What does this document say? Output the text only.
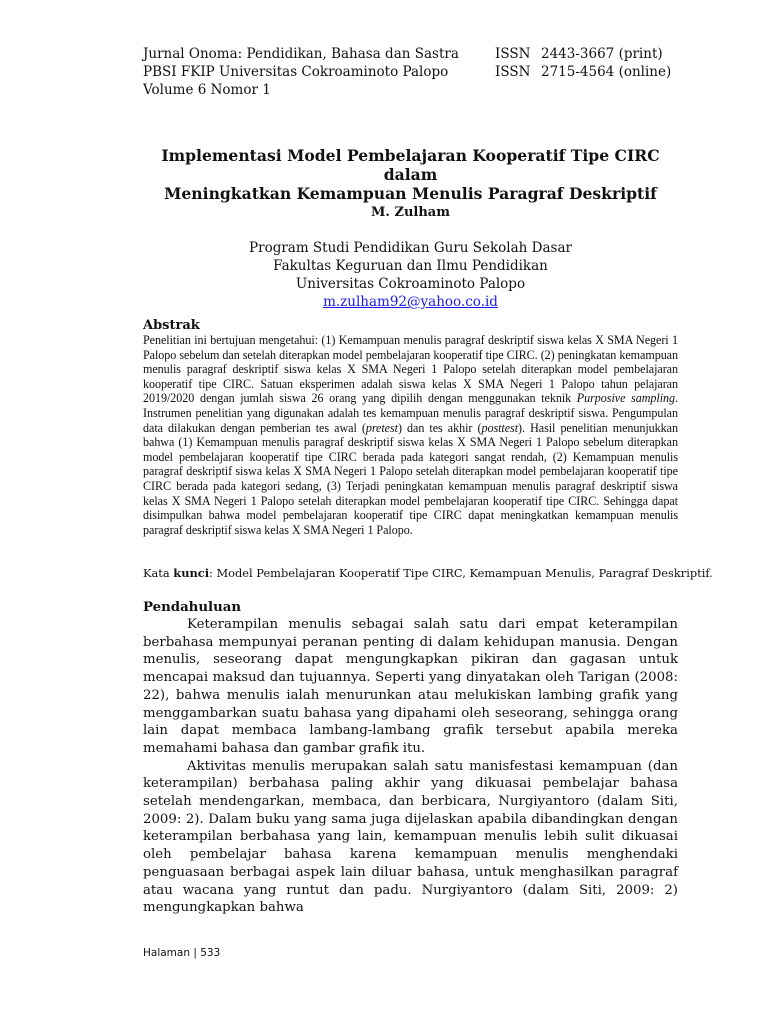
Jurnal Onoma: Pendidikan, Bahasa dan Sastra	ISSN 2443-3667 (print)
PBSI FKIP Universitas Cokroaminoto Palopo	ISSN 2715-4564 (online)
Volume 6 Nomor 1
Implementasi Model Pembelajaran Kooperatif Tipe CIRC dalam
Meningkatkan Kemampuan Menulis Paragraf Deskriptif
M. Zulham
Program Studi Pendidikan Guru Sekolah Dasar
Fakultas Keguruan dan Ilmu Pendidikan
Universitas Cokroaminoto Palopo
m.zulham92@yahoo.co.id
Abstrak
Penelitian ini bertujuan mengetahui: (1) Kemampuan menulis paragraf deskriptif siswa kelas X SMA Negeri 1 Palopo sebelum dan setelah diterapkan model pembelajaran kooperatif tipe CIRC. (2) peningkatan kemampuan menulis paragraf deskriptif siswa kelas X SMA Negeri 1 Palopo setelah diterapkan model pembelajaran kooperatif tipe CIRC. Satuan eksperimen adalah siswa kelas X SMA Negeri 1 Palopo tahun pelajaran 2019/2020 dengan jumlah siswa 26 orang yang dipilih dengan menggunakan teknik Purposive sampling. Instrumen penelitian yang digunakan adalah tes kemampuan menulis paragraf deskriptif siswa. Pengumpulan data dilakukan dengan pemberian tes awal (pretest) dan tes akhir (posttest). Hasil penelitian menunjukkan bahwa (1) Kemampuan menulis paragraf deskriptif siswa kelas X SMA Negeri 1 Palopo sebelum diterapkan model pembelajaran kooperatif tipe CIRC berada pada kategori sangat rendah, (2) Kemampuan menulis paragraf deskriptif siswa kelas X SMA Negeri 1 Palopo setelah diterapkan model pembelajaran kooperatif tipe CIRC berada pada kategori sedang, (3) Terjadi peningkatan kemampuan menulis paragraf deskriptif siswa kelas X SMA Negeri 1 Palopo setelah diterapkan model pembelajaran kooperatif tipe CIRC. Sehingga dapat disimpulkan bahwa model pembelajaran kooperatif tipe CIRC dapat meningkatkan kemampuan menulis paragraf deskriptif siswa kelas X SMA Negeri 1 Palopo.
Kata kunci: Model Pembelajaran Kooperatif Tipe CIRC, Kemampuan Menulis, Paragraf Deskriptif.
Pendahuluan

Keterampilan menulis sebagai salah satu dari empat keterampilan berbahasa mempunyai peranan penting di dalam kehidupan manusia. Dengan menulis, seseorang dapat mengungkapkan pikiran dan gagasan untuk mencapai maksud dan tujuannya. Seperti yang dinyatakan oleh Tarigan (2008: 22), bahwa menulis ialah menurunkan atau melukiskan lambing grafik yang menggambarkan suatu bahasa yang dipahami oleh seseorang, sehingga orang lain dapat membaca lambang-lambang grafik tersebut apabila mereka memahami bahasa dan gambar grafik itu.

Aktivitas menulis merupakan salah satu manisfestasi kemampuan (dan keterampilan) berbahasa paling akhir yang dikuasai pembelajar bahasa setelah mendengarkan, membaca, dan berbicara, Nurgiyantoro (dalam Siti, 2009: 2). Dalam buku yang sama juga dijelaskan apabila dibandingkan dengan keterampilan berbahasa yang lain, kemampuan menulis lebih sulit dikuasai oleh pembelajar bahasa karena kemampuan menulis menghendaki penguasaan berbagai aspek lain diluar bahasa, untuk menghasilkan paragraf atau wacana yang runtut dan padu. Nurgiyantoro (dalam Siti, 2009: 2) mengungkapkan bahwa

Halaman | 533
